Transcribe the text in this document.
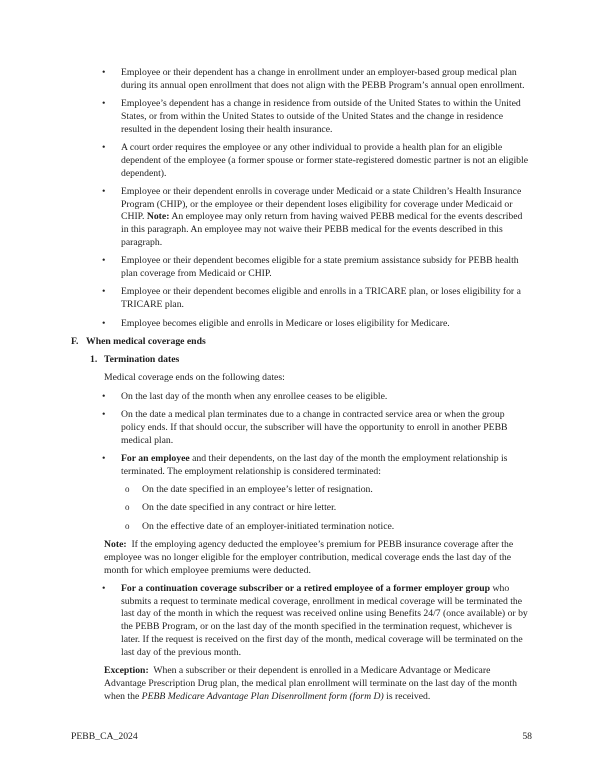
• Employee or their dependent has a change in enrollment under an employer-based group medical plan during its annual open enrollment that does not align with the PEBB Program’s annual open enrollment.
• Employee’s dependent has a change in residence from outside of the United States to within the United States, or from within the United States to outside of the United States and the change in residence resulted in the dependent losing their health insurance.
• A court order requires the employee or any other individual to provide a health plan for an eligible dependent of the employee (a former spouse or former state-registered domestic partner is not an eligible dependent).
• Employee or their dependent enrolls in coverage under Medicaid or a state Children’s Health Insurance Program (CHIP), or the employee or their dependent loses eligibility for coverage under Medicaid or CHIP. Note: An employee may only return from having waived PEBB medical for the events described in this paragraph. An employee may not waive their PEBB medical for the events described in this paragraph.
• Employee or their dependent becomes eligible for a state premium assistance subsidy for PEBB health plan coverage from Medicaid or CHIP.
• Employee or their dependent becomes eligible and enrolls in a TRICARE plan, or loses eligibility for a TRICARE plan.
• Employee becomes eligible and enrolls in Medicare or loses eligibility for Medicare.
F. When medical coverage ends
1. Termination dates
Medical coverage ends on the following dates:
• On the last day of the month when any enrollee ceases to be eligible.
• On the date a medical plan terminates due to a change in contracted service area or when the group policy ends. If that should occur, the subscriber will have the opportunity to enroll in another PEBB medical plan.
• For an employee and their dependents, on the last day of the month the employment relationship is terminated. The employment relationship is considered terminated:
o On the date specified in an employee’s letter of resignation.
o On the date specified in any contract or hire letter.
o On the effective date of an employer-initiated termination notice.
Note:  If the employing agency deducted the employee’s premium for PEBB insurance coverage after the employee was no longer eligible for the employer contribution, medical coverage ends the last day of the month for which employee premiums were deducted.
• For a continuation coverage subscriber or a retired employee of a former employer group who submits a request to terminate medical coverage, enrollment in medical coverage will be terminated the last day of the month in which the request was received online using Benefits 24/7 (once available) or by the PEBB Program, or on the last day of the month specified in the termination request, whichever is later. If the request is received on the first day of the month, medical coverage will be terminated on the last day of the previous month.
Exception:  When a subscriber or their dependent is enrolled in a Medicare Advantage or Medicare Advantage Prescription Drug plan, the medical plan enrollment will terminate on the last day of the month when the PEBB Medicare Advantage Plan Disenrollment form (form D) is received.
PEBB_CA_2024	58
